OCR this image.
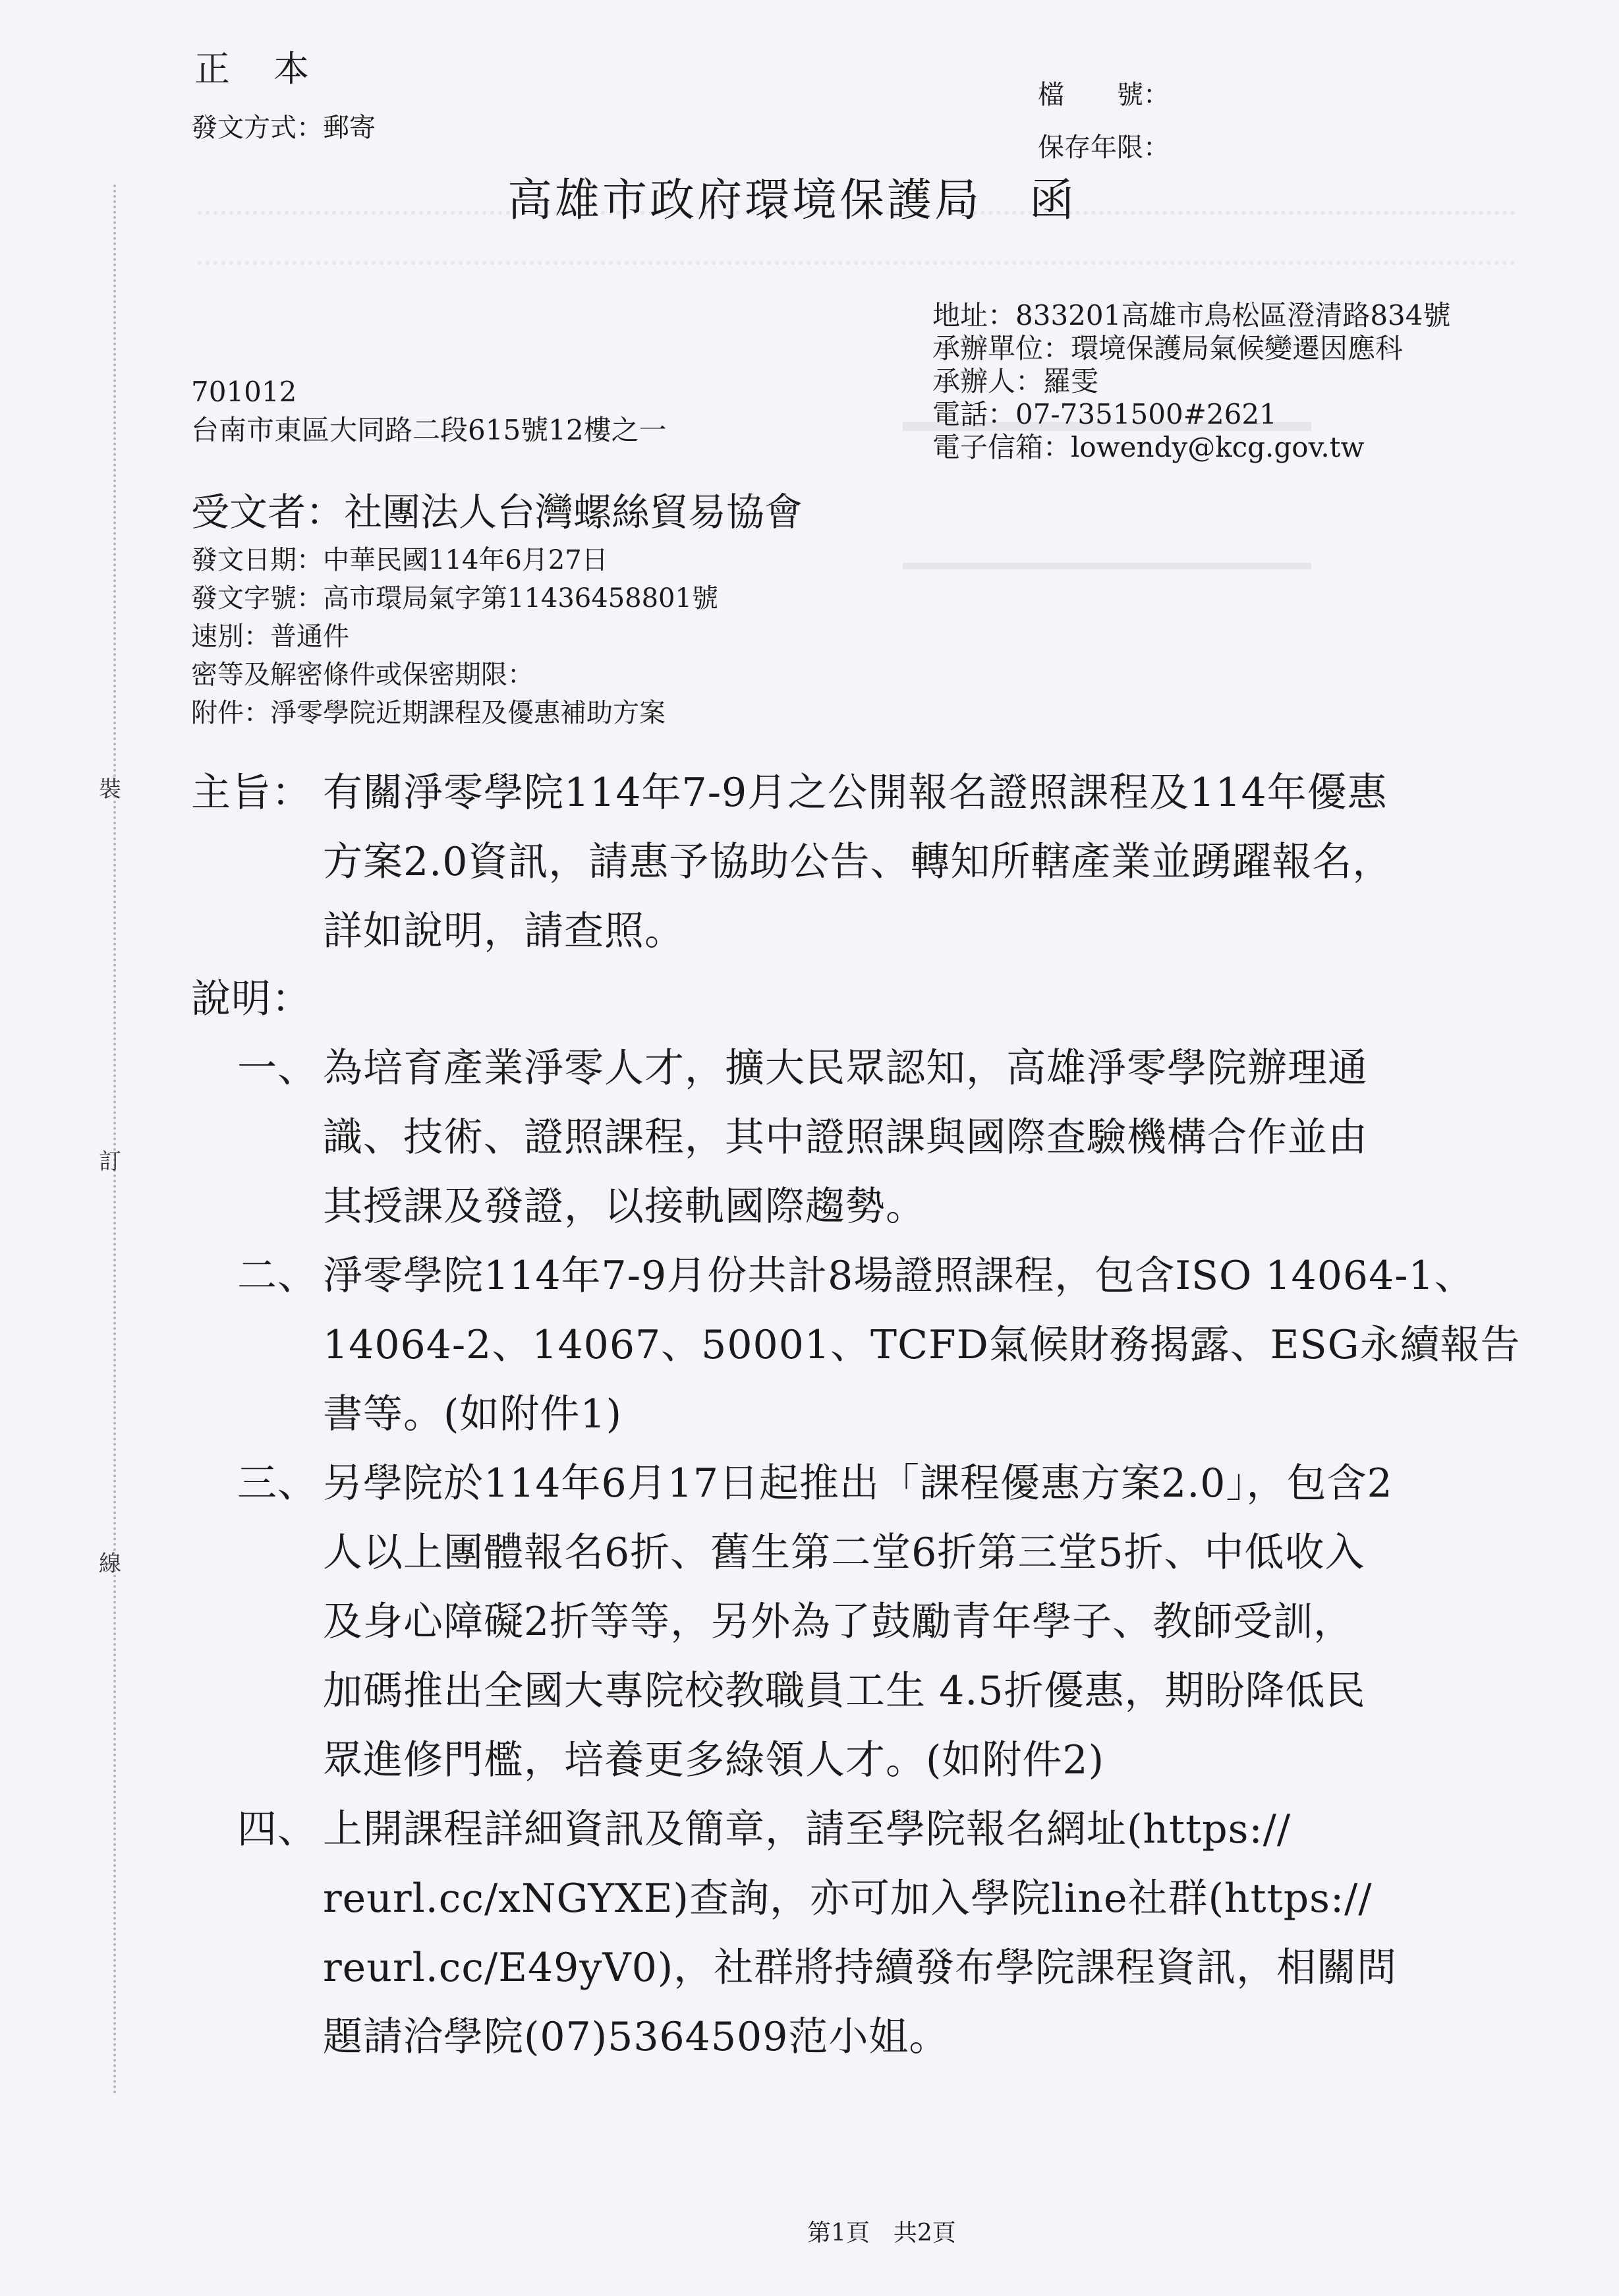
裝
訂
線
正　本
發文方式：郵寄
檔　　號：
保存年限：
高雄市政府環境保護局　函
地址：833201高雄市鳥松區澄清路834號
承辦單位：環境保護局氣候變遷因應科
承辦人：羅雯
電話：07-7351500#2621
電子信箱：lowendy@kcg.gov.tw
701012
台南市東區大同路二段615號12樓之一
受文者：社團法人台灣螺絲貿易協會
發文日期：中華民國114年6月27日
發文字號：高市環局氣字第11436458801號
速別：普通件
密等及解密條件或保密期限：
附件：淨零學院近期課程及優惠補助方案
主旨： 有關淨零學院114年7-9月之公開報名證照課程及114年優惠
方案2.0資訊，請惠予協助公告、轉知所轄產業並踴躍報名，
詳如說明，請查照。
說明：
一、 為培育產業淨零人才，擴大民眾認知，高雄淨零學院辦理通
識、技術、證照課程，其中證照課與國際查驗機構合作並由
其授課及發證，以接軌國際趨勢。
二、 淨零學院114年7-9月份共計8場證照課程，包含ISO 14064-1、
14064-2、14067、50001、TCFD氣候財務揭露、ESG永續報告
書等。(如附件1)
三、 另學院於114年6月17日起推出「課程優惠方案2.0」，包含2
人以上團體報名6折、舊生第二堂6折第三堂5折、中低收入
及身心障礙2折等等，另外為了鼓勵青年學子、教師受訓，
加碼推出全國大專院校教職員工生 4.5折優惠，期盼降低民
眾進修門檻，培養更多綠領人才。(如附件2)
四、 上開課程詳細資訊及簡章，請至學院報名網址(https://
reurl.cc/xNGYXE)查詢，亦可加入學院line社群(https://
reurl.cc/E49yV0)，社群將持續發布學院課程資訊，相關問
題請洽學院(07)5364509范小姐。
第1頁　共2頁
